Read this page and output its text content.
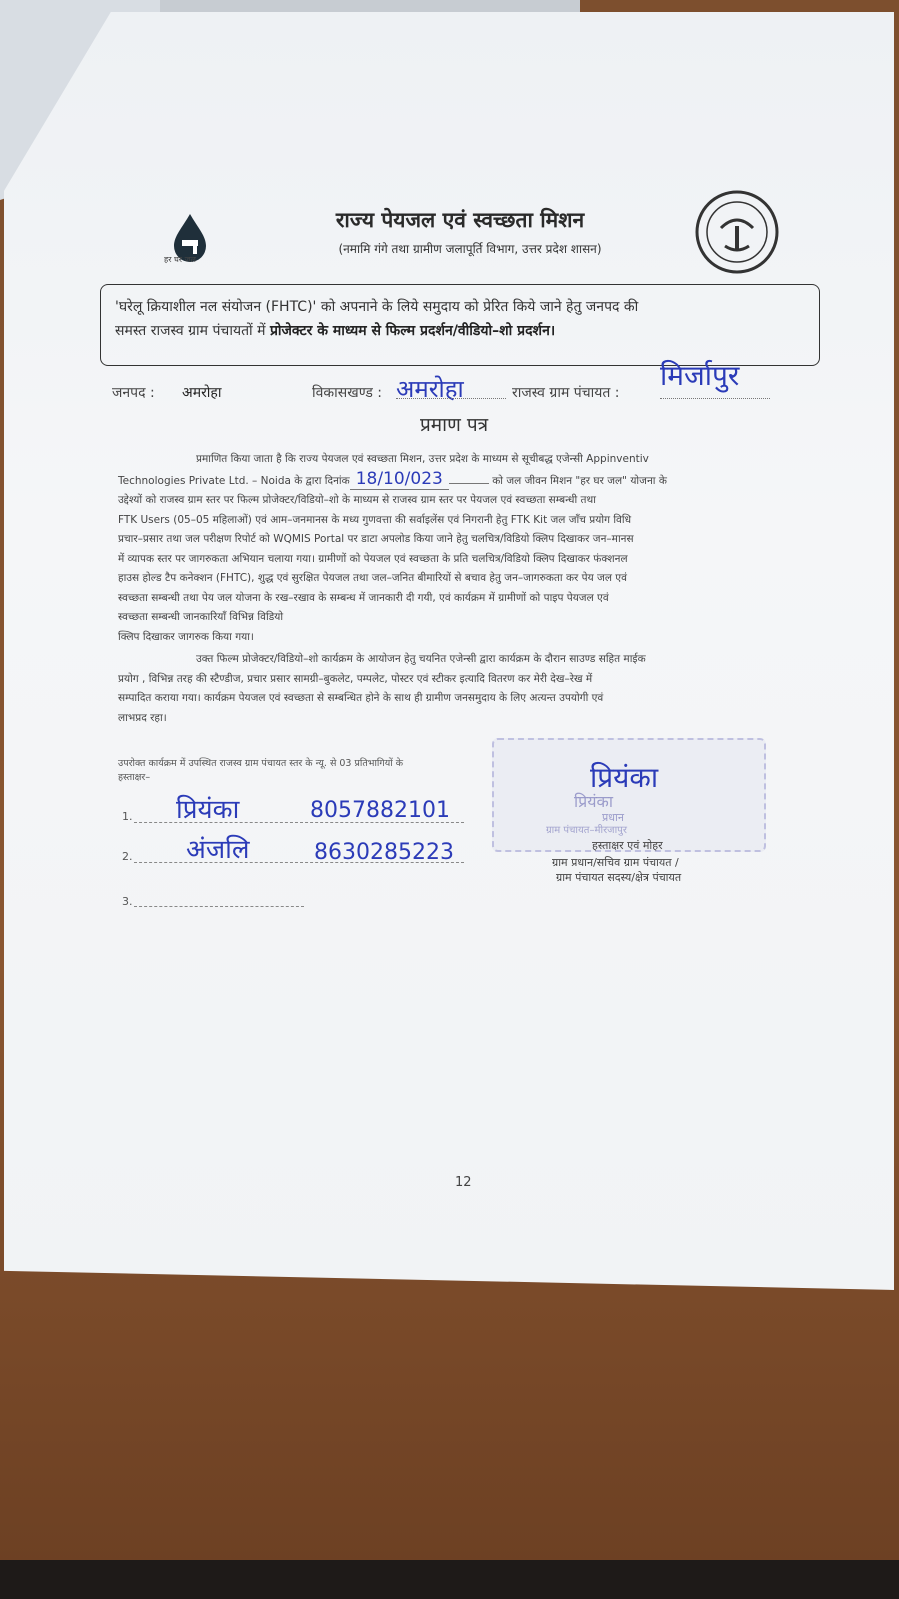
हर घर जल
राज्य पेयजल एवं स्वच्छता मिशन
(नमामि गंगे तथा ग्रामीण जलापूर्ति विभाग, उत्तर प्रदेश शासन)
'घरेलू क्रियाशील नल संयोजन (FHTC)' को अपनाने के लिये समुदाय को प्रेरित किये जाने हेतु जनपद की
समस्त राजस्व ग्राम पंचायतों में प्रोजेक्टर के माध्यम से फिल्म प्रदर्शन/वीडियो–शो प्रदर्शन।
जनपद : अमरोहा	विकासखण्ड : अमरोहा	राजस्व ग्राम पंचायत :
मिर्जापुर
प्रमाण पत्र
प्रमाणित किया जाता है कि राज्य पेयजल एवं स्वच्छता मिशन, उत्तर प्रदेश के माध्यम से सूचीबद्ध एजेन्सी Appinventiv
Technologies Private Ltd. – Noida के द्वारा दिनांक 18/10/023	को जल जीवन मिशन "हर घर जल" योजना के
उद्देश्यों को राजस्व ग्राम स्तर पर फिल्म प्रोजेक्टर/विडियो–शो के माध्यम से राजस्व ग्राम स्तर पर पेयजल एवं स्वच्छता सम्बन्धी तथा
FTK Users (05–05 महिलाओं) एवं आम–जनमानस के मध्य गुणवत्ता की सर्वाइलेंस एवं निगरानी हेतु FTK Kit जल जाँच प्रयोग विधि
प्रचार–प्रसार तथा जल परीक्षण रिपोर्ट को WQMIS Portal पर डाटा अपलोड किया जाने हेतु चलचित्र/विडियो क्लिप दिखाकर जन–मानस
में व्यापक स्तर पर जागरुकता अभियान चलाया गया। ग्रामीणों को पेयजल एवं स्वच्छता के प्रति चलचित्र/विडियो क्लिप दिखाकर फंक्शनल
हाउस होल्ड टैप कनेक्शन (FHTC), शुद्ध एवं सुरक्षित पेयजल तथा जल–जनित बीमारियों से बचाव हेतु जन–जागरुकता कर पेय जल एवं
स्वच्छता सम्बन्धी तथा पेय जल योजना के रख–रखाव के सम्बन्ध में जानकारी दी गयी, एवं कार्यक्रम में ग्रामीणों को पाइप पेयजल एवं
स्वच्छता सम्बन्धी जानकारियाँ विभिन्न विडियो
क्लिप दिखाकर जागरुक किया गया।
उक्त फिल्म प्रोजेक्टर/विडियो–शो कार्यक्रम के आयोजन हेतु चयनित एजेन्सी द्वारा कार्यक्रम के दौरान साउण्ड सहित माईक
प्रयोग , विभिन्न तरह की स्टैण्डीज, प्रचार प्रसार सामग्री–बुकलेट, पम्पलेट, पोस्टर एवं स्टीकर इत्यादि वितरण कर मेरी देख–रेख में
सम्पादित कराया गया। कार्यक्रम पेयजल एवं स्वच्छता से सम्बन्धित होने के साथ ही ग्रामीण जनसमुदाय के लिए अत्यन्त उपयोगी एवं
लाभप्रद रहा।
प्रियंका
प्रियंका
प्रधान
ग्राम पंचायत–मीरजापुर
हस्ताक्षर एवं मोहर
ग्राम प्रधान/सचिव ग्राम पंचायत /
ग्राम पंचायत सदस्य/क्षेत्र पंचायत
उपरोक्त कार्यक्रम में उपस्थित राजस्व ग्राम पंचायत स्तर के न्यू. से 03 प्रतिभागियों के
हस्ताक्षर–
1. प्रियंका	8057882101
2. अंजलि	8630285223
3.
12
